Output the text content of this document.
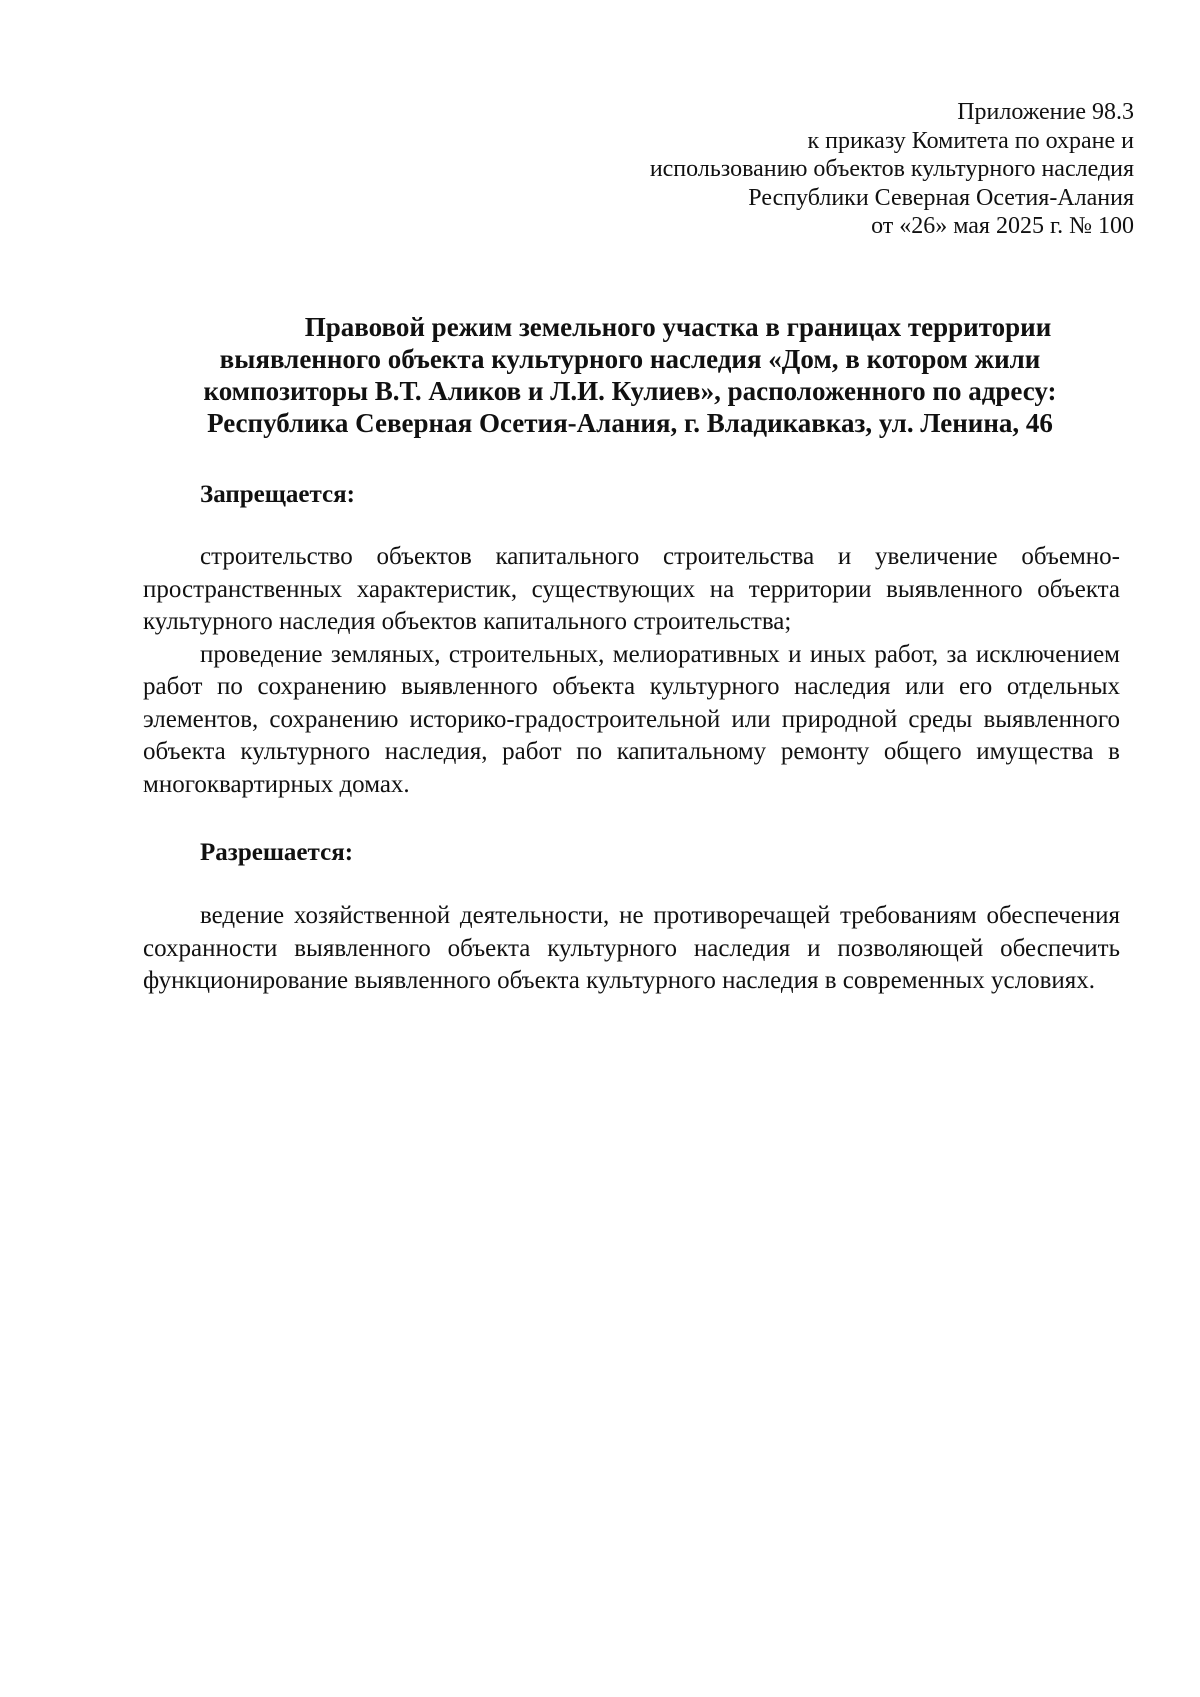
Приложение 98.3
к приказу Комитета по охране и
использованию объектов культурного наследия
Республики Северная Осетия-Алания
от «26» мая 2025 г. № 100
Правовой режим земельного участка в границах территории
выявленного объекта культурного наследия «Дом, в котором жили
композиторы В.Т. Аликов и Л.И. Кулиев», расположенного по адресу:
Республика Северная Осетия-Алания, г. Владикавказ, ул. Ленина, 46
Запрещается:

строительство объектов капитального строительства и увеличение объемно-пространственных характеристик, существующих на территории выявленного объекта культурного наследия объектов капитального строительства;

проведение земляных, строительных, мелиоративных и иных работ, за исключением работ по сохранению выявленного объекта культурного наследия или его отдельных элементов, сохранению историко-градостроительной или природной среды выявленного объекта культурного наследия, работ по капитальному ремонту общего имущества в многоквартирных домах.

Разрешается:

ведение хозяйственной деятельности, не противоречащей требованиям обеспечения сохранности выявленного объекта культурного наследия и позволяющей обеспечить функционирование выявленного объекта культурного наследия в современных условиях.
